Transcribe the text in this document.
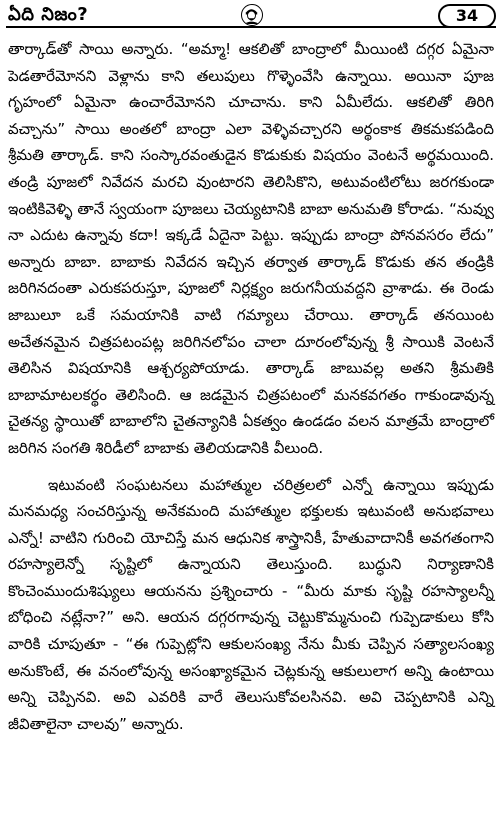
ఏది నిజం?	34

తార్కాడ్‌తో సాయి అన్నారు. “అమ్మా! ఆకలితో బాంద్రాలో మీయింటి దగ్గర ఏమైనా పెడతారేమోనని వెళ్లాను కాని తలుపులు గొళ్ళెంవేసి ఉన్నాయి. అయినా పూజ గృహంలో ఏమైనా ఉంచారేమోనని చూచాను. కాని ఏమీలేదు. ఆకలితో తిరిగి వచ్చాను” సాయి అంతలో బాంద్రా ఎలా వెళ్ళివచ్చారని అర్థంకాక తికమకపడింది శ్రీమతి తార్కాడ్. కాని సంస్కారవంతుడైన కొడుకుకు విషయం వెంటనే అర్థమయింది. తండ్రి పూజలో నివేదన మరచి వుంటారని తెలిసికొని, అటువంటిలోటు జరగకుండా ఇంటికివెళ్ళి తానే స్వయంగా పూజలు చెయ్యటానికి బాబా అనుమతి కోరాడు. “నువ్వు నా ఎదుట ఉన్నావు కదా! ఇక్కడే ఏదైనా పెట్టు. ఇప్పుడు బాంద్రా పోనవసరం లేదు” అన్నారు బాబా. బాబాకు నివేదన ఇచ్చిన తర్వాత తార్కాడ్ కొడుకు తన తండ్రికి జరిగినదంతా ఎరుకపరుస్తూ, పూజలో నిర్లక్ష్యం జరుగనీయవద్దని వ్రాశాడు. ఈ రెండు జాబులూ ఒకే సమయానికి వాటి గమ్యాలు చేరాయి. తార్కాడ్ తనయింట అచేతనమైన చిత్రపటంపట్ల జరిగినలోపం చాలా దూరంలోవున్న శ్రీ సాయికి వెంటనే తెలిసిన విషయానికి ఆశ్చర్యపోయాడు. తార్కాడ్ జాబువల్ల అతని శ్రీమతికి బాబామాటలకర్థం తెలిసింది. ఆ జడమైన చిత్రపటంలో మనకవగతం గాకుండావున్న చైతన్య స్థాయితో బాబాలోని చైతన్యానికి ఏకత్వం ఉండడం వలన మాత్రమే బాంద్రాలో జరిగిన సంగతి శిరిడీలో బాబాకు తెలియడానికి వీలుంది.

ఇటువంటి సంఘటనలు మహాత్ముల చరిత్రలలో ఎన్నో ఉన్నాయి ఇప్పుడు మనమధ్య సంచరిస్తున్న అనేకమంది మహాత్ముల భక్తులకు ఇటువంటి అనుభవాలు ఎన్నో! వాటిని గురించి యోచిస్తే మన ఆధునిక శాస్త్రానికీ, హేతువాదానికీ అవగతంగాని రహస్యాలెన్నో సృష్టిలో ఉన్నాయని తెలుస్తుంది. బుద్ధుని నిర్యాణానికి కొంచెంముందుశిష్యులు ఆయనను ప్రశ్నించారు - “మీరు మాకు సృష్టి రహస్యాలన్నీ బోధించి నట్లేనా?” అని. ఆయన దగ్గరగావున్న చెట్టుకొమ్మనుంచి గుప్పెడాకులు కోసి వారికి చూపుతూ - “ఈ గుప్పెట్లోని ఆకులసంఖ్య నేను మీకు చెప్పిన సత్యాలసంఖ్య అనుకొంటే, ఈ వనంలోవున్న అసంఖ్యాకమైన చెట్లకున్న ఆకులులాగ అన్ని ఉంటాయి అన్ని చెప్పినవి. అవి ఎవరికి వారే తెలుసుకోవలసినవి. అవి చెప్పటానికి ఎన్ని జీవితాలైనా చాలవు” అన్నారు.
